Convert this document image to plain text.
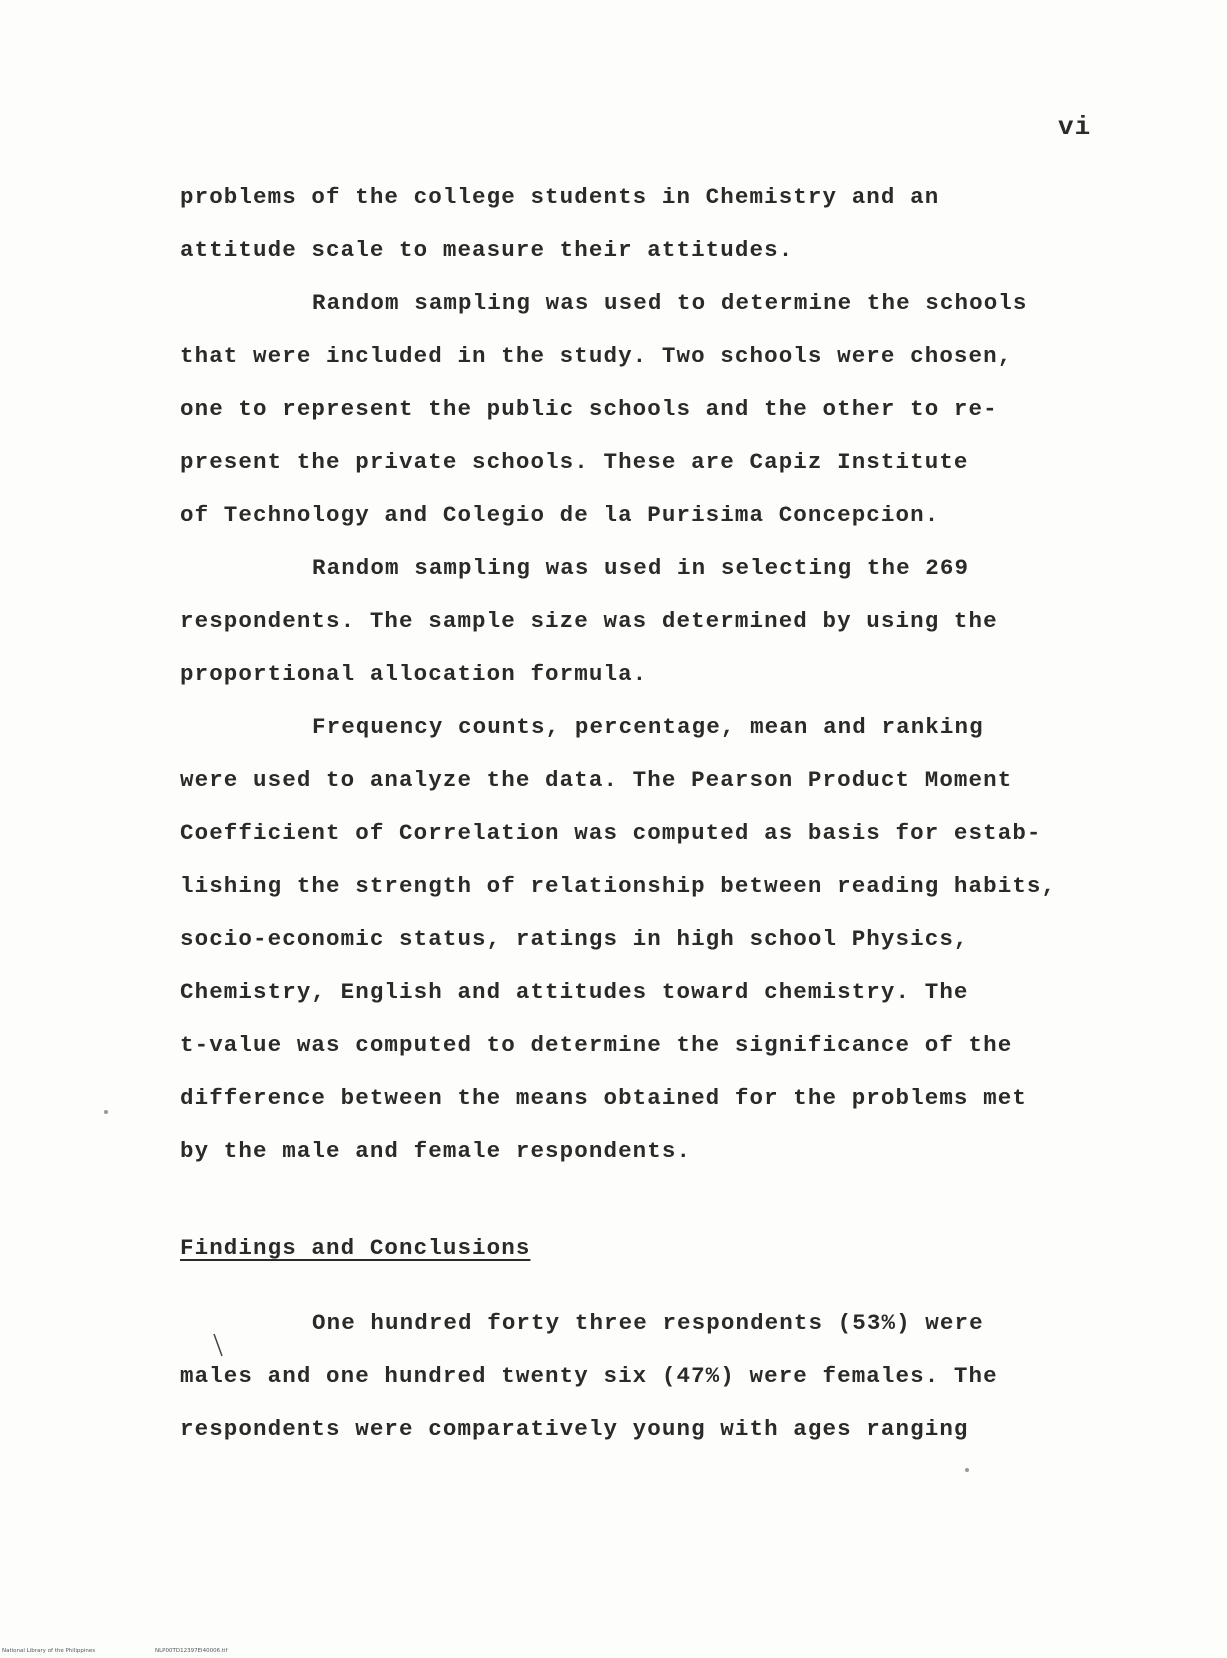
vi
problems of the college students in Chemistry and an
attitude scale to measure their attitudes.
Random sampling was used to determine the schools
that were included in the study. Two schools were chosen,
one to represent the public schools and the other to re-
present the private schools. These are Capiz Institute
of Technology and Colegio de la Purisima Concepcion.
Random sampling was used in selecting the 269
respondents. The sample size was determined by using the
proportional allocation formula.
Frequency counts, percentage, mean and ranking
were used to analyze the data. The Pearson Product Moment
Coefficient of Correlation was computed as basis for estab-
lishing the strength of relationship between reading habits,
socio-economic status, ratings in high school Physics,
Chemistry, English and attitudes toward chemistry. The
t-value was computed to determine the significance of the
difference between the means obtained for the problems met
by the male and female respondents.
Findings and Conclusions
One hundred forty three respondents (53%) were
males and one hundred twenty six (47%) were females. The
respondents were comparatively young with ages ranging
National Library of the Philippines	NLP00TD12397El40006.tif
